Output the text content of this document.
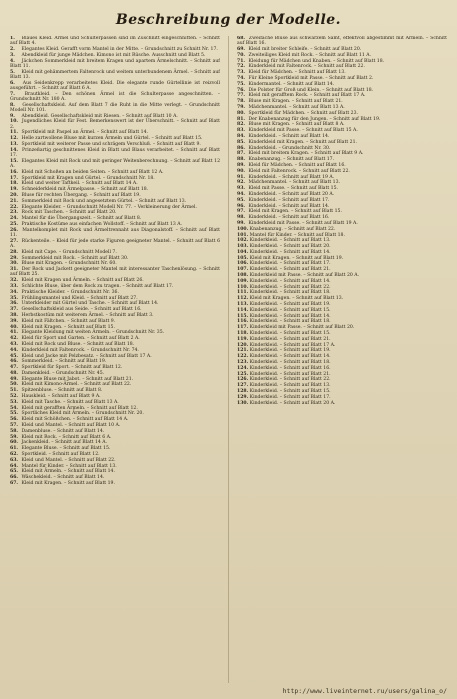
Beschreibung der Modelle.

1. Blaues Kleid. Ärmel und Schulterpassen sind im Zuschnitt eingeschnitten. – Schnitt auf Blatt 4.

2. Elegantes Kleid. Gerafft vorm Mantel in der Mitte. – Grundschnitt zu Schnitt Nr. 17.

3. Abendkleid für junge Mädchen. Kimono ist mit Rüsche. Ausschnitt und Blatt 5.

4. Jäckchen Sommerkleid mit breitem Kragen und apartem Ärmelschnitt. – Schnitt auf Blatt 11.

5. Kleid mit gehämmertem Faltenrock und weitem unterbundenem Ärmel. – Schnitt auf Blatt 13.

6. Aus Seidenkrepp verarbeitetes Kleid. Die elegante runde Gürtellinie ist reizvoll ausgeführt. – Schnitt auf Blatt 6 A.

7. Brautkleid. – Den schönen Ärmel ist die Schulterpasse angeschnitten. – Grundschnitt Nr. 180 A.

8. Gesellschaftskleid. Auf dem Blatt 7 die Ruht in die Mitte verlegt. – Grundschnitt Modell Nr. 101.

9. Abendkleid. Gesellschaftskleid mit Riesen. – Schnitt auf Blatt 10 A.

10. Jugendliches Kleid für Fest. Bemerkenswert ist der Überschnitt. – Schnitt auf Blatt 2.

11. Sportkleid mit Paspel an Ärmel. – Schnitt auf Blatt 14.

12. Helle zartwollene Bluse mit kurzen Ärmeln und Gürtel. – Schnitt auf Blatt 15.

13. Sportkleid mit weiterer Passe und schrägem Verschluß. – Schnitt auf Blatt 9.

14. Prinzeßartig geschnittenes Kleid in Blatt und Blaus verarbeitet. – Schnitt auf Blatt 17.

15. Elegantes Kleid mit Rock und mit geringer Weitenberechnung. – Schnitt auf Blatt 12 A.

16. Kleid mit Schoßen an beiden Seiten. – Schnitt auf Blatt 12 A.

17. Sportkleid mit Kragen und Gürtel. – Grundschnitt Nr. 18.

18. Kleid und weiter Taftkeil. – Schnitt auf Blatt 14 A.

19. Schneiderkleid mit Ärmelpasse. – Schnitt auf Blatt 18.

20. Bluse für rechten Übergang. – Schnitt auf Blatt 19.

21. Sommerkleid mit Rock und angesetztem Gürtel. – Schnitt auf Blatt 13.

22. Elegante Kleider. – Grundschnitt Modell Nr. 77. – Verkleinerung der Ärmel.

23. Rock mit Taschen. – Schnitt auf Blatt 20.

24. Mantel für die Übergangszeit. – Schnitt auf Blatt 8.

25. Praktische Kostüme aus einfachen Wollstoff. – Schnitt auf Blatt 13 A.

26. Mantelkomplet mit Rock und Ärmeltrennaht aus Diagonalstoff. – Schnitt auf Blatt 11.

27. Rückenteile. – Kleid für jede starke Figuren geeigneter Mantel. – Schnitt auf Blatt 6 A.

28. Kleid mit Cape. – Grundschnitt Modell 7.

29. Sommerkleid mit Rock. – Schnitt auf Blatt 30.

30. Bluse mit Kragen. – Grundschnitt Nr. 60.

31. Der Rock und Jackett geeigneter Mantel mit interessanter Taschenlösung. – Schnitt auf Blatt 25.

32. Kleid mit Kragen und Ärmeln. – Schnitt auf Blatt 26.

33. Schlichte Bluse, über dem Rock zu tragen. – Schnitt auf Blatt 17.

34. Praktische Kleider. – Grundschnitt Nr. 36.

35. Frühlingsmantel und Kleid. – Schnitt auf Blatt 27.

36. Unterkleider mit Gürtel und Tasche. – Schnitt auf Blatt 14.

37. Gesellschaftskleid aus Seide. – Schnitt auf Blatt 16.

38. Herbstkostüm mit weiterem Ärmel. – Schnitt auf Blatt 3.

39. Kleid mit Fältchen. – Schnitt auf Blatt 9.

40. Kleid mit Kragen. – Schnitt auf Blatt 15.

41. Elegante Kleidung mit weiten Ärmeln. – Grundschnitt Nr. 35.

42. Kleid für Sport und Garten. – Schnitt auf Blatt 2 A.

43. Kleid mit Rock und Bluse. – Schnitt auf Blatt 18.

44. Kinderkleid mit Faltenrock. – Grundschnitt Nr. 74.

45. Kleid und Jacke mit Pelzbesatz. – Schnitt auf Blatt 17 A.

46. Sommerkleid. – Schnitt auf Blatt 19.

47. Sportkleid für Sport. – Schnitt auf Blatt 12.

48. Damenkleid. – Grundschnitt Nr. 45.

49. Elegante Bluse mit Jabot. – Schnitt auf Blatt 21.

50. Kleid mit Kimono-Ärmel. – Schnitt auf Blatt 22.

51. Spitzenbluse. – Schnitt auf Blatt 8.

52. Hauskleid. – Schnitt auf Blatt 9 A.

53. Kleid mit Tasche. – Schnitt auf Blatt 13 A.

54. Kleid mit gerafften Ärmeln. – Schnitt auf Blatt 12.

55. Sportliches Kleid mit Ärmeln. – Grundschnitt Nr. 20.

56. Kleid mit Schößchen. – Schnitt auf Blatt 14 A.

57. Kleid und Mantel. – Schnitt auf Blatt 10 A.

58. Damenbluse. – Schnitt auf Blatt 14.

59. Kleid mit Rock. – Schnitt auf Blatt 6 A.

60. Jackenkleid. – Schnitt auf Blatt 14 A.

61. Elegante Bluse. – Schnitt auf Blatt 15.

62. Sportkleid. – Schnitt auf Blatt 12.

63. Kleid und Mantel. – Schnitt auf Blatt 22.

64. Mantel für Kinder. – Schnitt auf Blatt 13.

65. Kleid mit Ärmeln. – Schnitt auf Blatt 14.

66. Wäschekleid. – Schnitt auf Blatt 14.

67. Kleid mit Kragen. – Schnitt auf Blatt 19.

68. Zweifache Bluse aus schwarzem Samt, effektvoll abgestimmt mit Ärmeln. – Schnitt auf Blatt 16.

69. Kleid mit breiter Schleife. – Schnitt auf Blatt 20.

70. Zweiteiliges Kleid mit Rock. – Schnitt auf Blatt 11 A.

71. Kleidung für Mädchen und Knaben. – Schnitt auf Blatt 18.

72. Kinderkleid mit Faltenrock. – Schnitt auf Blatt 22.

73. Kleid für Mädchen. – Schnitt auf Blatt 13.

74. Für Kleine Sportkleid mit Passe. – Schnitt auf Blatt 2.

75. Kindermantel. – Schnitt auf Blatt 14.

76. Die Polster für Groß und Klein. – Schnitt auf Blatt 18.

77. Kleid mit gerafftem Rock. – Schnitt auf Blatt 17 A.

78. Bluse mit Kragen. – Schnitt auf Blatt 21.

79. Mädchenmantel. – Schnitt auf Blatt 13 A.

80. Sportkleid für Mädchen. – Schnitt auf Blatt 23.

81. Der Knabenanzug für den Jungen. – Schnitt auf Blatt 19.

82. Bluse mit Kragen. – Schnitt auf Blatt 8 A.

83. Kinderkleid mit Passe. – Schnitt auf Blatt 15 A.

84. Kinderkleid. – Schnitt auf Blatt 14.

85. Kinderkleid mit Kragen. – Schnitt auf Blatt 21.

86. Kinderkleid. – Grundschnitt Nr. 30.

87. Kleid mit breitem Kragen. – Schnitt auf Blatt 9 A.

88. Knabenanzug. – Schnitt auf Blatt 17.

89. Kleid für Mädchen. – Schnitt auf Blatt 16.

90. Kleid mit Faltenrock. – Schnitt auf Blatt 22.

91. Kinderkleid. – Schnitt auf Blatt 19 A.

92. Mädchenmantel. – Schnitt auf Blatt 13.

93. Kleid mit Passe. – Schnitt auf Blatt 15.

94. Kinderkleid. – Schnitt auf Blatt 20 A.

95. Kinderkleid. – Schnitt auf Blatt 17.

96. Kinderkleid. – Schnitt auf Blatt 14.

97. Kleid mit Kragen. – Schnitt auf Blatt 15.

98. Kinderkleid. – Schnitt auf Blatt 16.

99. Kinderkleid mit Passe. – Schnitt auf Blatt 19 A.

100. Knabenanzug. – Schnitt auf Blatt 22.

101. Mantel für Kinder. – Schnitt auf Blatt 18.

102. Kinderkleid. – Schnitt auf Blatt 13.

103. Kinderkleid. – Schnitt auf Blatt 20.

104. Kinderkleid. – Schnitt auf Blatt 14.

105. Kleid mit Kragen. – Schnitt auf Blatt 19.

106. Kinderkleid. – Schnitt auf Blatt 17.

107. Kinderkleid. – Schnitt auf Blatt 21.

108. Kinderkleid mit Passe. – Schnitt auf Blatt 20 A.

109. Kinderkleid. – Schnitt auf Blatt 14.

110. Kinderkleid. – Schnitt auf Blatt 22.

111. Kinderkleid. – Schnitt auf Blatt 18.

112. Kleid mit Kragen. – Schnitt auf Blatt 13.

113. Kinderkleid. – Schnitt auf Blatt 19.

114. Kinderkleid. – Schnitt auf Blatt 15.

115. Kinderkleid. – Schnitt auf Blatt 14.

116. Kinderkleid. – Schnitt auf Blatt 18.

117. Kinderkleid mit Passe. – Schnitt auf Blatt 20.

118. Kinderkleid. – Schnitt auf Blatt 15.

119. Kinderkleid. – Schnitt auf Blatt 21.

120. Kinderkleid. – Schnitt auf Blatt 17 A.

121. Kinderkleid. – Schnitt auf Blatt 19.

122. Kinderkleid. – Schnitt auf Blatt 14.

123. Kinderkleid. – Schnitt auf Blatt 18.

124. Kinderkleid. – Schnitt auf Blatt 16.

125. Kinderkleid. – Schnitt auf Blatt 21.

126. Kinderkleid. – Schnitt auf Blatt 22.

127. Kinderkleid. – Schnitt auf Blatt 13.

128. Kinderkleid. – Schnitt auf Blatt 15.

129. Kinderkleid. – Schnitt auf Blatt 17.

130. Kinderkleid. – Schnitt auf Blatt 20 A.

http://www.liveinternet.ru/users/galina_o/
